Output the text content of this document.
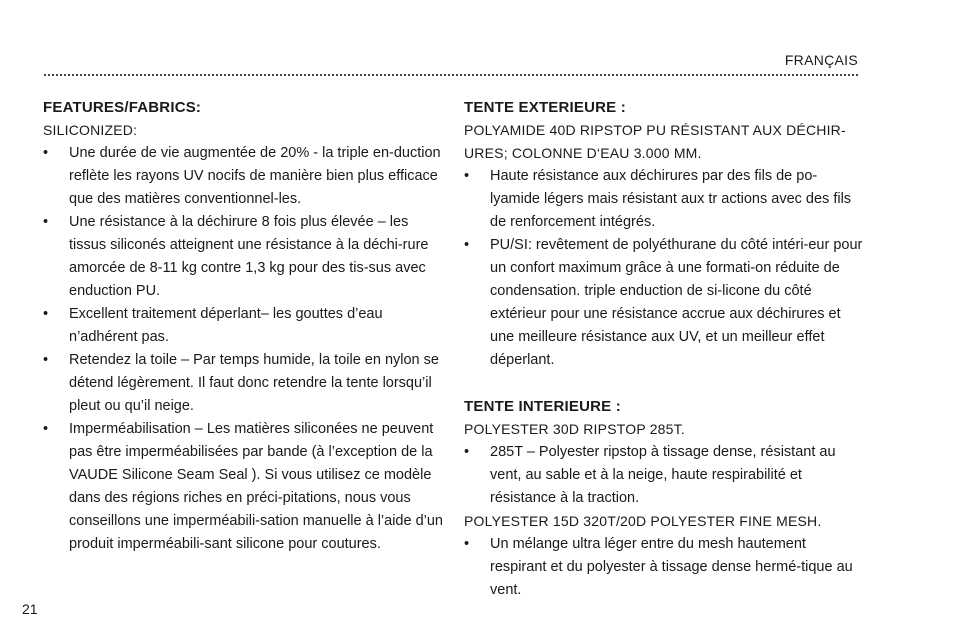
FRANÇAIS
FEATURES/FABRICS:

SILICONIZED:

• Une durée de vie augmentée de 20% - la triple en-duction reflète les rayons UV nocifs de manière bien plus efficace que des matières conventionnel-les.
• Une résistance à la déchirure 8 fois plus élevée – les tissus siliconés atteignent une résistance à la déchi-rure amorcée de 8-11 kg contre 1,3 kg pour des tis-sus avec enduction PU.
• Excellent traitement déperlant– les gouttes d’eau n’adhérent pas.
• Retendez la toile – Par temps humide, la toile en nylon se détend légèrement. Il faut donc retendre la tente lorsqu’il pleut ou qu’il neige.
• Imperméabilisation – Les matières siliconées ne peuvent pas être imperméabilisées par bande (à l’exception de la VAUDE Silicone Seam Seal ). Si vous utilisez ce modèle dans des régions riches en préci-pitations, nous vous conseillons une imperméabili-sation manuelle à l’aide d’un produit imperméabili-sant silicone pour coutures.
TENTE EXTERIEURE :

POLYAMIDE 40D RIPSTOP PU RÉSISTANT AUX DÉCHIR-URES; COLONNE D‘EAU 3.000 MM.

• Haute résistance aux déchirures par des fils de po-lyamide légers mais résistant aux tr actions avec des fils de renforcement intégrés.
• PU/SI: revêtement de polyéthurane du côté intéri-eur pour un confort maximum grâce à une formati-on réduite de condensation. triple enduction de si-licone du côté extérieur pour une résistance accrue aux déchirures et une meilleure résistance aux UV, et un meilleur effet déperlant.
TENTE INTERIEURE :

POLYESTER 30D RIPSTOP 285T.

• 285T – Polyester ripstop à tissage dense, résistant au vent, au sable et à la neige, haute respirabilité et résistance à la traction.

POLYESTER 15D 320T/20D POLYESTER FINE MESH.

• Un mélange ultra léger entre du mesh hautement respirant et du polyester à tissage dense hermé-tique au vent.
21
